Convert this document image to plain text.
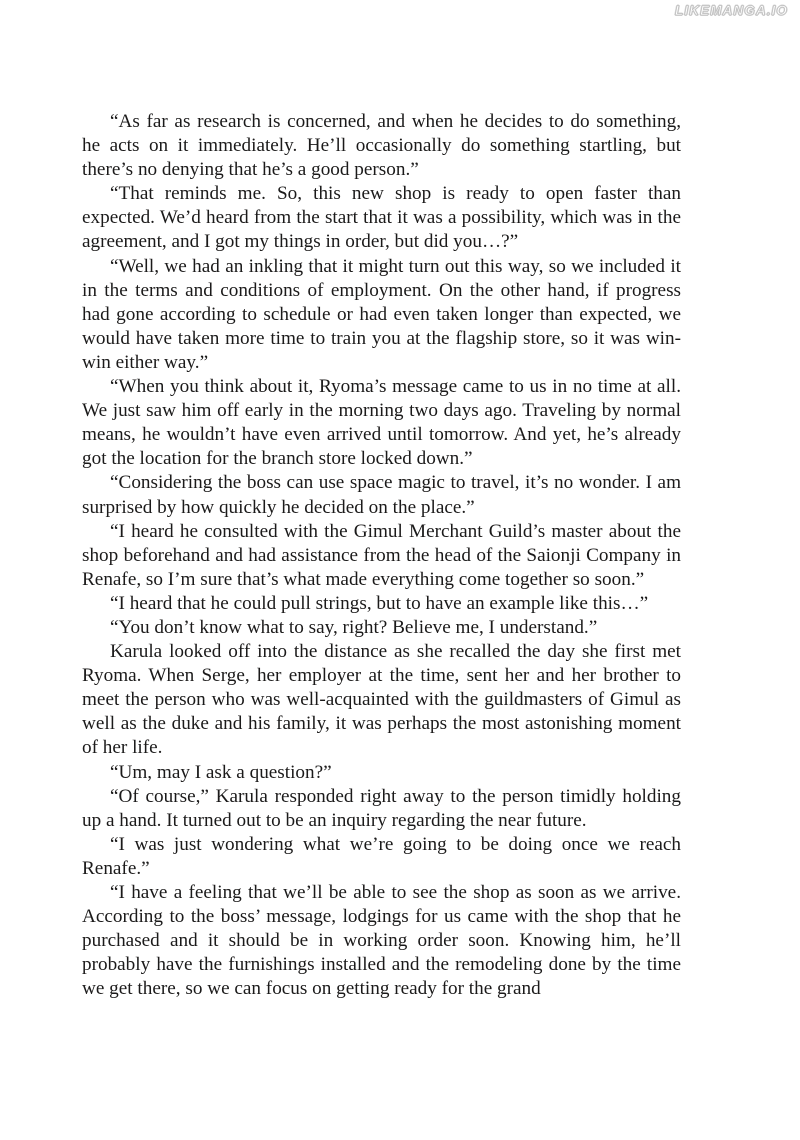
LIKEMANGA.IO

“As far as research is concerned, and when he decides to do something, he acts on it immediately. He’ll occasionally do something startling, but there’s no denying that he’s a good person.”

“That reminds me. So, this new shop is ready to open faster than expected. We’d heard from the start that it was a possibility, which was in the agreement, and I got my things in order, but did you…?”

“Well, we had an inkling that it might turn out this way, so we included it in the terms and conditions of employment. On the other hand, if progress had gone according to schedule or had even taken longer than expected, we would have taken more time to train you at the flagship store, so it was win-win either way.”

“When you think about it, Ryoma’s message came to us in no time at all. We just saw him off early in the morning two days ago. Traveling by normal means, he wouldn’t have even arrived until tomorrow. And yet, he’s already got the location for the branch store locked down.”

“Considering the boss can use space magic to travel, it’s no wonder. I am surprised by how quickly he decided on the place.”

“I heard he consulted with the Gimul Merchant Guild’s master about the shop beforehand and had assistance from the head of the Saionji Company in Renafe, so I’m sure that’s what made everything come together so soon.”

“I heard that he could pull strings, but to have an example like this…”

“You don’t know what to say, right? Believe me, I understand.”

Karula looked off into the distance as she recalled the day she first met Ryoma. When Serge, her employer at the time, sent her and her brother to meet the person who was well-acquainted with the guildmasters of Gimul as well as the duke and his family, it was perhaps the most astonishing moment of her life.

“Um, may I ask a question?”

“Of course,” Karula responded right away to the person timidly holding up a hand. It turned out to be an inquiry regarding the near future.

“I was just wondering what we’re going to be doing once we reach Renafe.”

“I have a feeling that we’ll be able to see the shop as soon as we arrive. According to the boss’ message, lodgings for us came with the shop that he purchased and it should be in working order soon. Knowing him, he’ll probably have the furnishings installed and the remodeling done by the time we get there, so we can focus on getting ready for the grand
